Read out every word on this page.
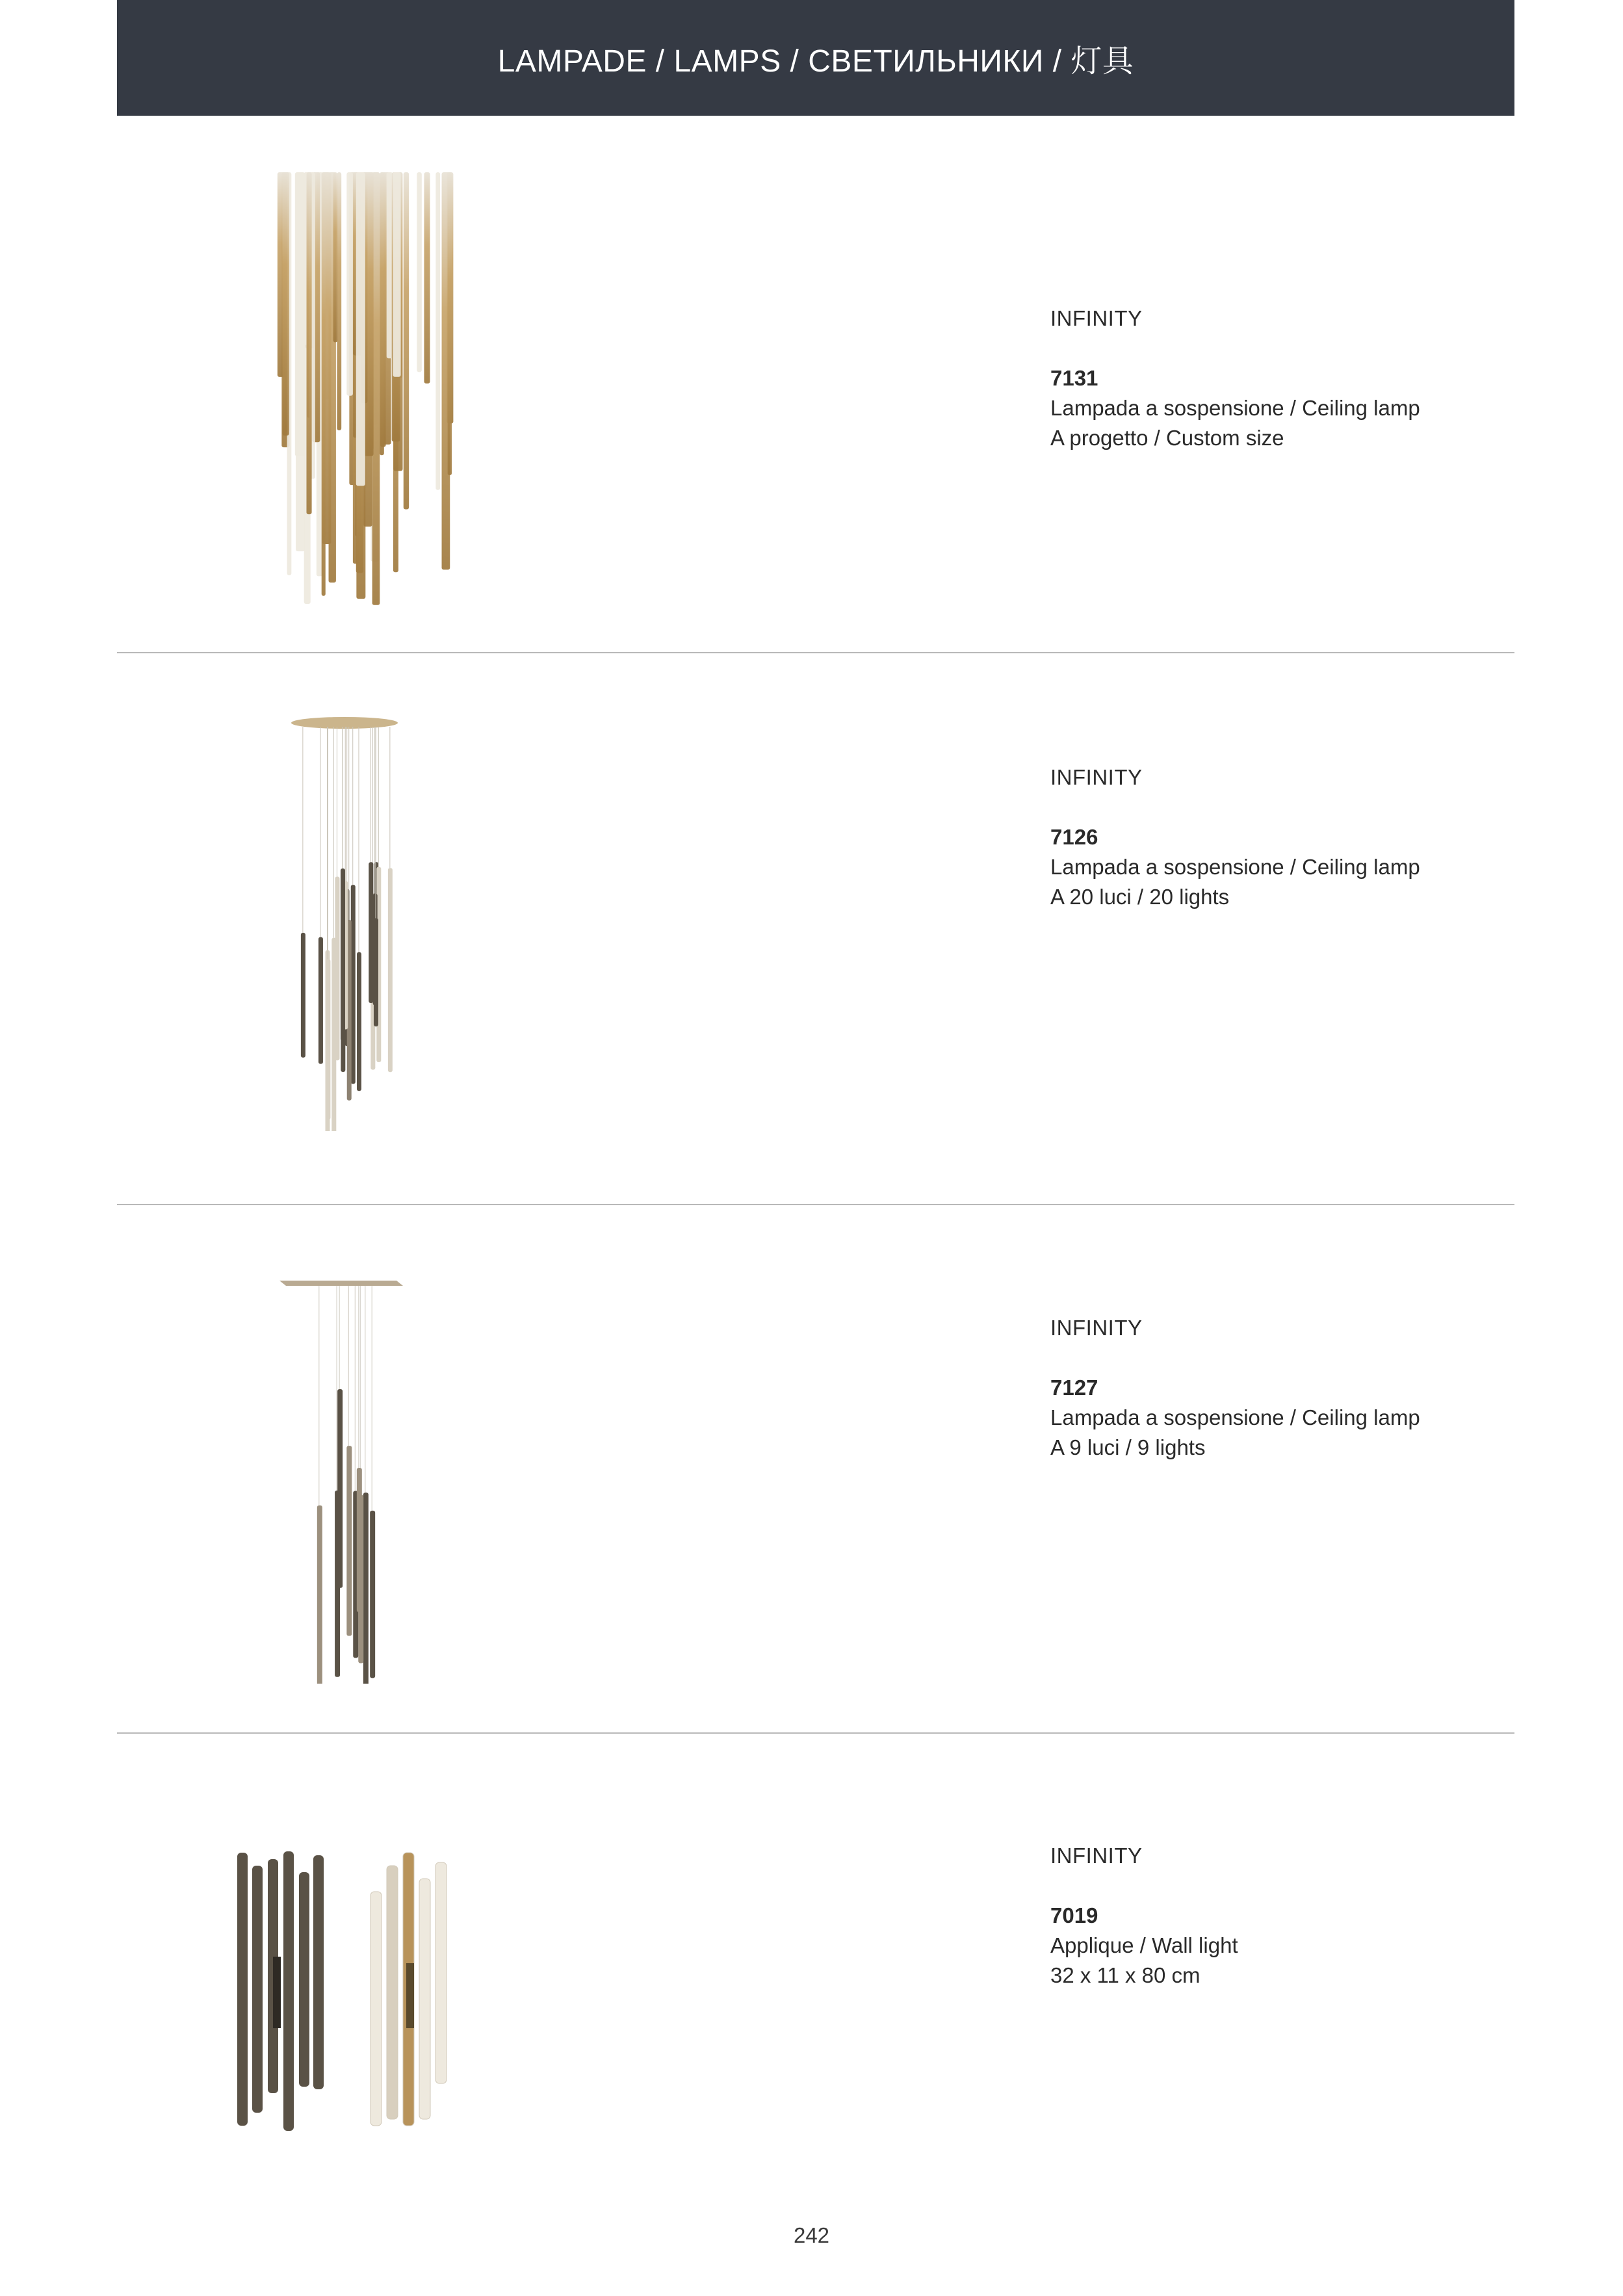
LAMPADE / LAMPS / СВЕТИЛЬНИКИ / 灯具
INFINITY
7131
Lampada a sospensione / Ceiling lamp
A progetto / Custom size
INFINITY
7126
Lampada a sospensione / Ceiling lamp
A 20 luci / 20 lights
INFINITY
7127
Lampada a sospensione / Ceiling lamp
A 9 luci / 9 lights
INFINITY
7019
Applique / Wall light
32 x 11 x 80 cm
242
